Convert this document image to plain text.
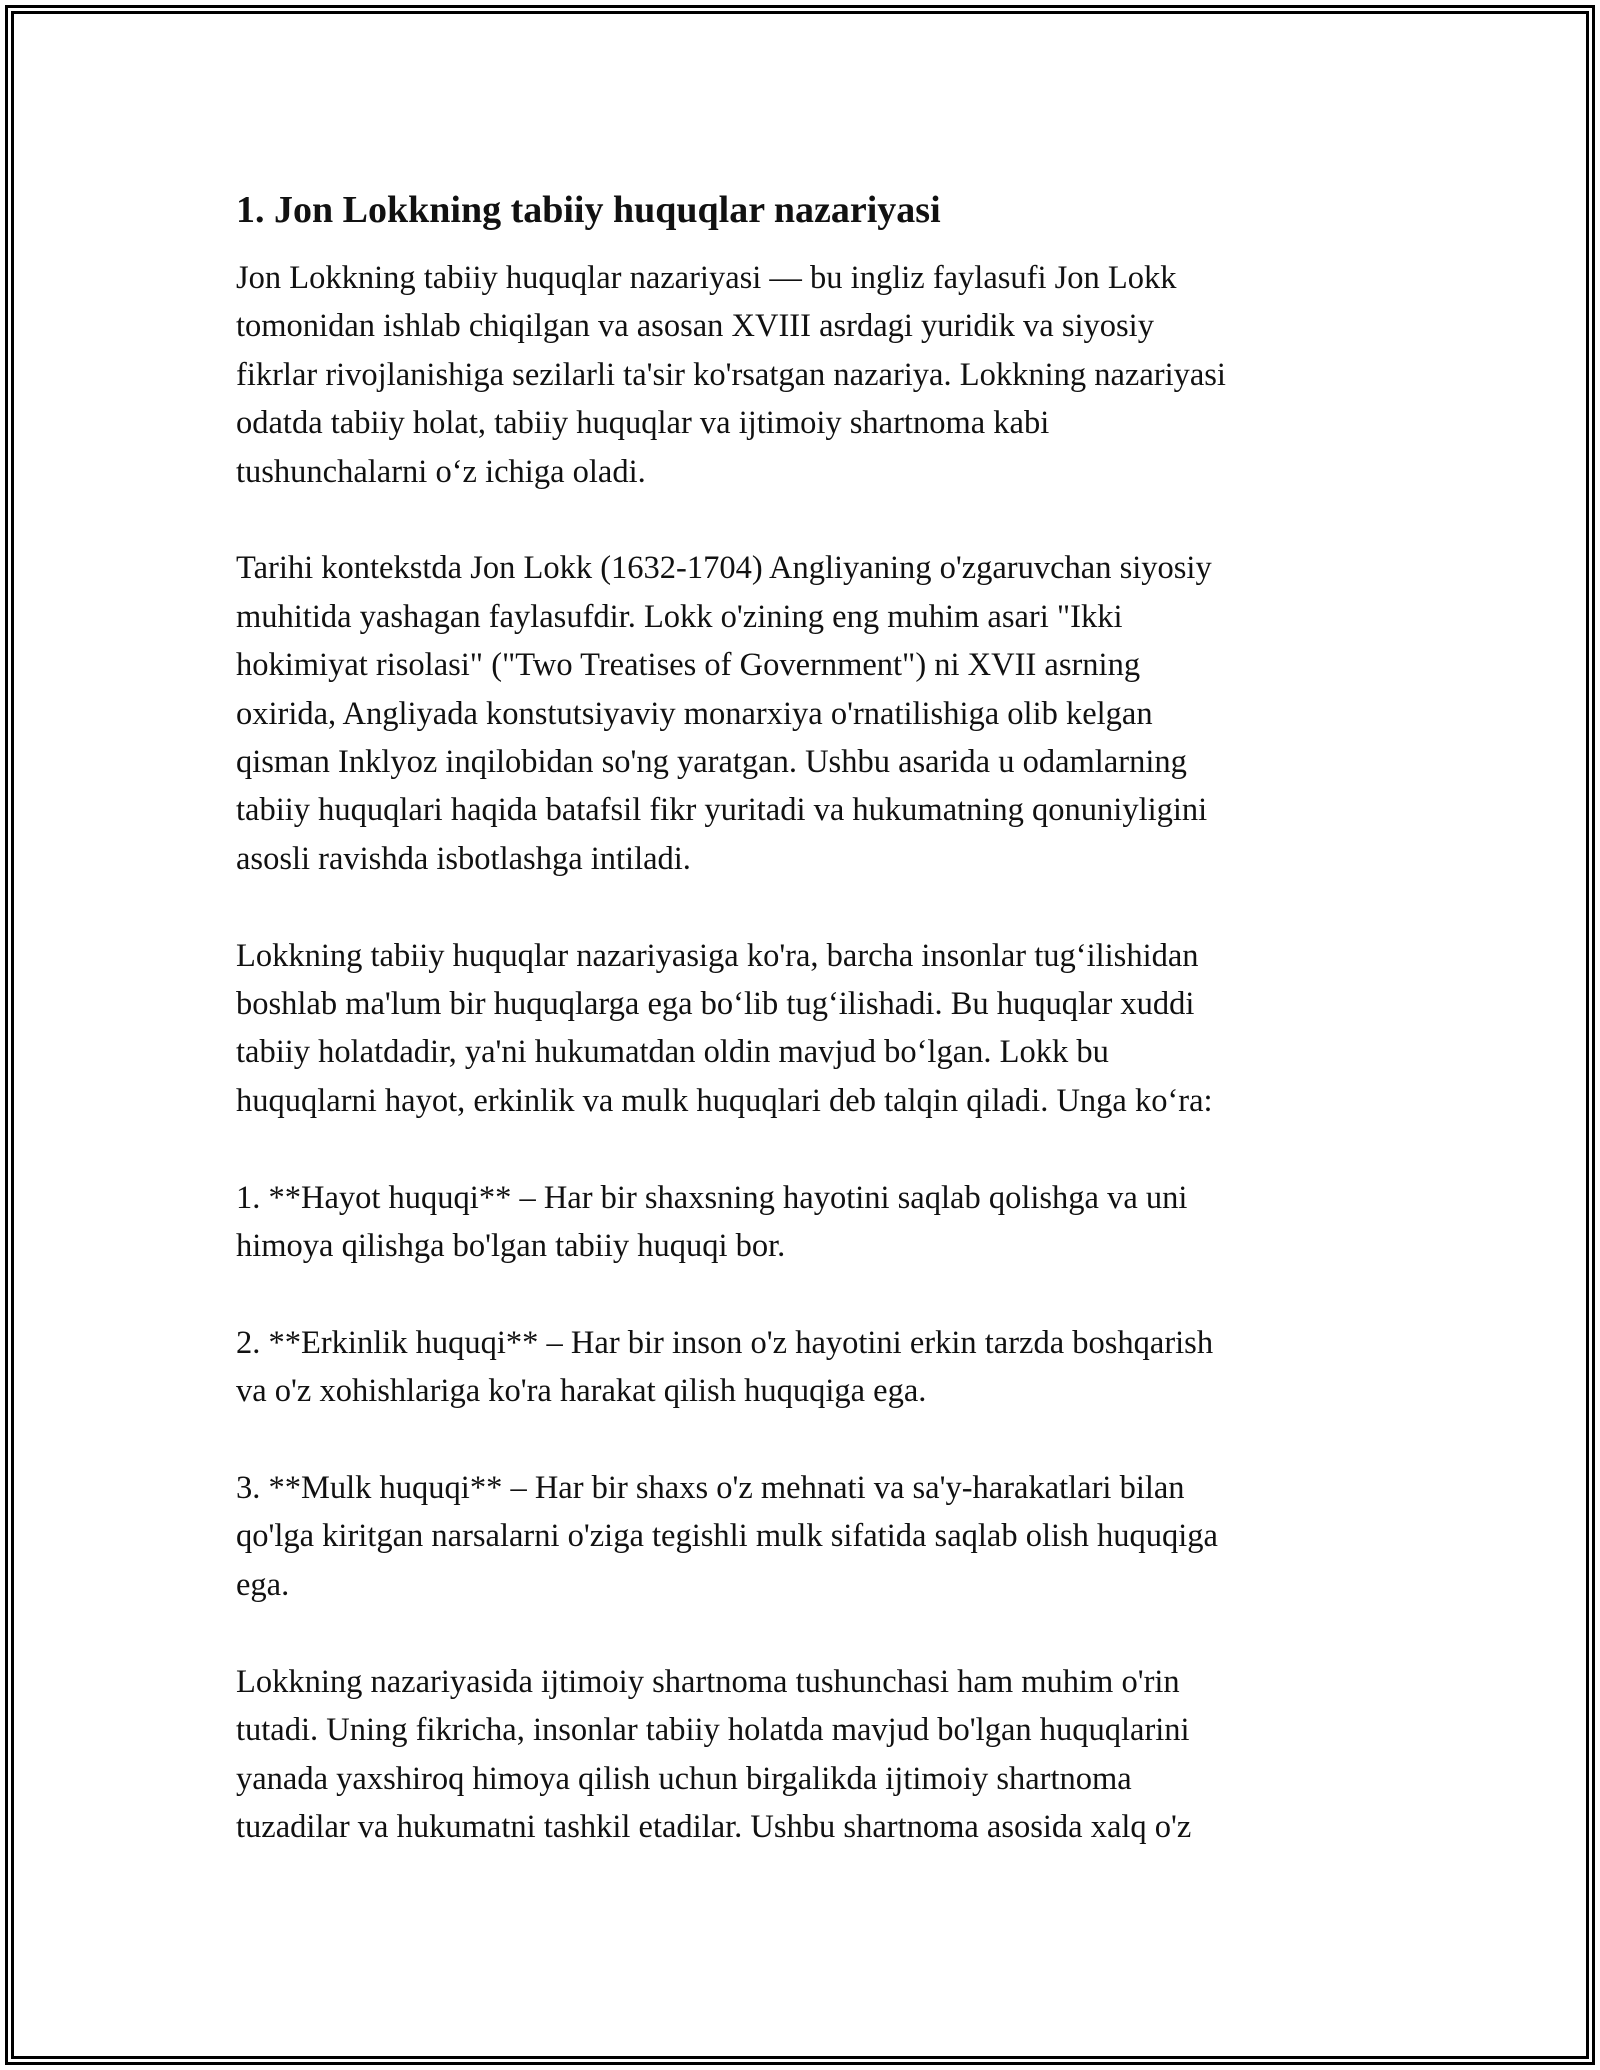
1. Jon Lokkning tabiiy huquqlar nazariyasi

Jon Lokkning tabiiy huquqlar nazariyasi — bu ingliz faylasufi Jon Lokk
tomonidan ishlab chiqilgan va asosan XVIII asrdagi yuridik va siyosiy
fikrlar rivojlanishiga sezilarli ta'sir ko'rsatgan nazariya. Lokkning nazariyasi
odatda tabiiy holat, tabiiy huquqlar va ijtimoiy shartnoma kabi
tushunchalarni o‘z ichiga oladi.

Tarihi kontekstda Jon Lokk (1632-1704) Angliyaning o'zgaruvchan siyosiy
muhitida yashagan faylasufdir. Lokk o'zining eng muhim asari "Ikki
hokimiyat risolasi" ("Two Treatises of Government") ni XVII asrning
oxirida, Angliyada konstutsiyaviy monarxiya o'rnatilishiga olib kelgan
qisman Inklyoz inqilobidan so'ng yaratgan. Ushbu asarida u odamlarning
tabiiy huquqlari haqida batafsil fikr yuritadi va hukumatning qonuniyligini
asosli ravishda isbotlashga intiladi.

Lokkning tabiiy huquqlar nazariyasiga ko'ra, barcha insonlar tug‘ilishidan
boshlab ma'lum bir huquqlarga ega bo‘lib tug‘ilishadi. Bu huquqlar xuddi
tabiiy holatdadir, ya'ni hukumatdan oldin mavjud bo‘lgan. Lokk bu
huquqlarni hayot, erkinlik va mulk huquqlari deb talqin qiladi. Unga ko‘ra:

1. **Hayot huquqi** – Har bir shaxsning hayotini saqlab qolishga va uni
himoya qilishga bo'lgan tabiiy huquqi bor.

2. **Erkinlik huquqi** – Har bir inson o'z hayotini erkin tarzda boshqarish
va o'z xohishlariga ko'ra harakat qilish huquqiga ega.

3. **Mulk huquqi** – Har bir shaxs o'z mehnati va sa'y-harakatlari bilan
qo'lga kiritgan narsalarni o'ziga tegishli mulk sifatida saqlab olish huquqiga
ega.

Lokkning nazariyasida ijtimoiy shartnoma tushunchasi ham muhim o'rin
tutadi. Uning fikricha, insonlar tabiiy holatda mavjud bo'lgan huquqlarini
yanada yaxshiroq himoya qilish uchun birgalikda ijtimoiy shartnoma
tuzadilar va hukumatni tashkil etadilar. Ushbu shartnoma asosida xalq o'z
